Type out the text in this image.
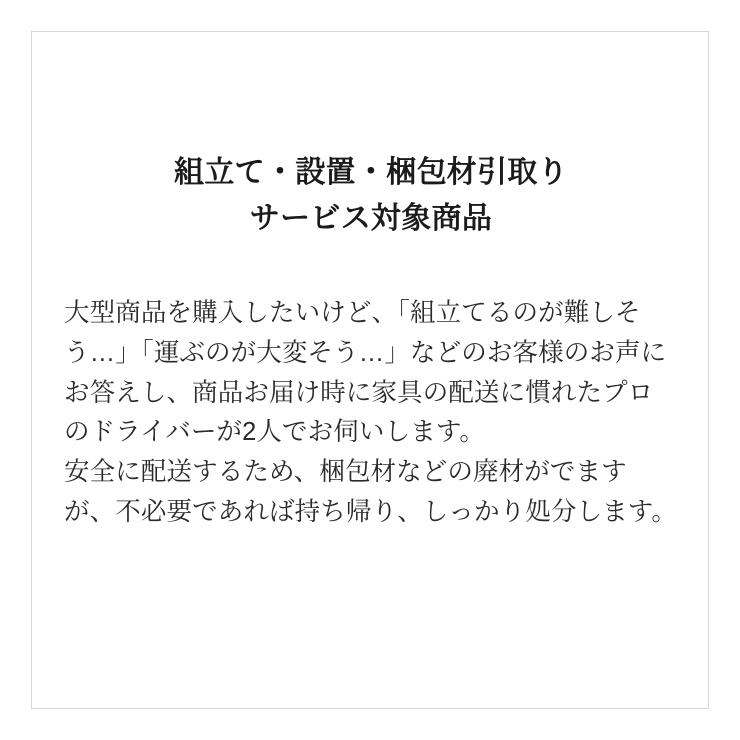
組立て・設置・梱包材引取り
サービス対象商品

大型商品を購入したいけど、「組立てるのが難しそう…」「運ぶのが大変そう…」などのお客様のお声にお答えし、商品お届け時に家具の配送に慣れたプロのドライバーが2人でお伺いします。

安全に配送するため、梱包材などの廃材がでますが、不必要であれば持ち帰り、しっかり処分します。
